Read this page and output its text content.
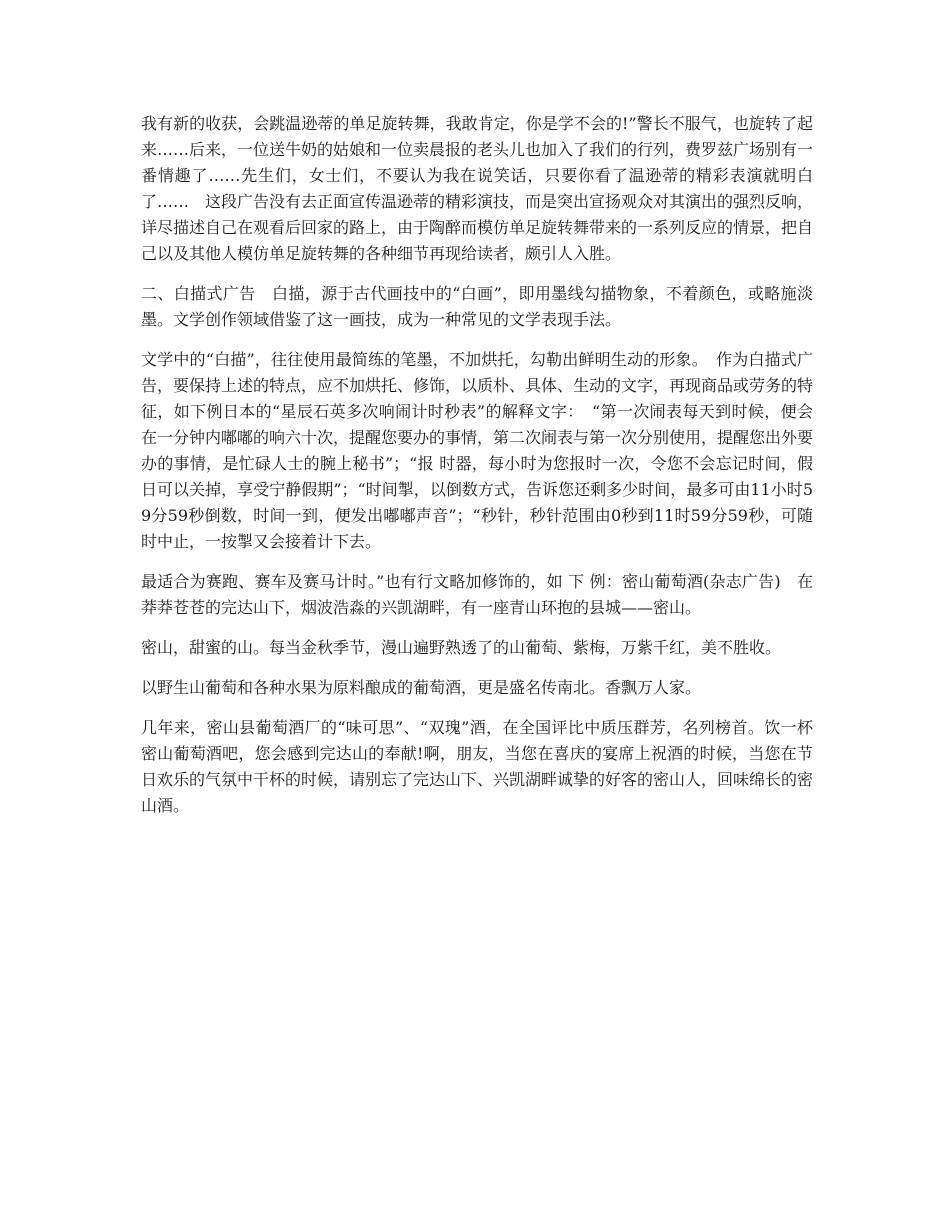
我有新的收获，会跳温逊蒂的单足旋转舞，我敢肯定，你是学不会的!”警长不服气，也旋转了起来……后来，一位送牛奶的姑娘和一位卖晨报的老头儿也加入了我们的行列，费罗兹广场别有一番情趣了……先生们，女士们，不要认为我在说笑话，只要你看了温逊蒂的精彩表演就明白了……　这段广告没有去正面宣传温逊蒂的精彩演技，而是突出宣扬观众对其演出的强烈反响，详尽描述自己在观看后回家的路上，由于陶醉而模仿单足旋转舞带来的一系列反应的情景，把自己以及其他人模仿单足旋转舞的各种细节再现给读者，颇引人入胜。

二、白描式广告　白描，源于古代画技中的“白画”，即用墨线勾描物象，不着颜色，或略施淡墨。文学创作领域借鉴了这一画技，成为一种常见的文学表现手法。

文学中的“白描”，往往使用最简练的笔墨，不加烘托，勾勒出鲜明生动的形象。　作为白描式广告，要保持上述的特点，应不加烘托、修饰，以质朴、具体、生动的文字，再现商品或劳务的特征，如下例日本的“星辰石英多次响闹计时秒表”的解释文字：　“第一次闹表每天到时候，便会在一分钟内嘟嘟的响六十次，提醒您要办的事情，第二次闹表与第一次分别使用，提醒您出外要办的事情，是忙碌人士的腕上秘书”；“报 时器，每小时为您报时一次，令您不会忘记时间，假日可以关掉，享受宁静假期”；“时间掣，以倒数方式，告诉您还剩多少时间，最多可由11小时59分59秒倒数，时间一到，便发出嘟嘟声音”；“秒针，秒针范围由0秒到11时59分59秒，可随时中止，一按掣又会接着计下去。

最适合为赛跑、赛车及赛马计时。”也有行文略加修饰的，如 下 例：密山葡萄酒(杂志广告)　在莽莽苍苍的完达山下，烟波浩淼的兴凯湖畔，有一座青山环抱的县城——密山。

密山，甜蜜的山。每当金秋季节，漫山遍野熟透了的山葡萄、紫梅，万紫千红，美不胜收。

以野生山葡萄和各种水果为原料酿成的葡萄酒，更是盛名传南北。香飘万人家。

几年来，密山县葡萄酒厂的“味可思”、“双瑰”酒，在全国评比中质压群芳，名列榜首。饮一杯密山葡萄酒吧，您会感到完达山的奉献!啊，朋友，当您在喜庆的宴席上祝酒的时候，当您在节日欢乐的气氛中干杯的时候，请别忘了完达山下、兴凯湖畔诚挚的好客的密山人，回味绵长的密山酒。
